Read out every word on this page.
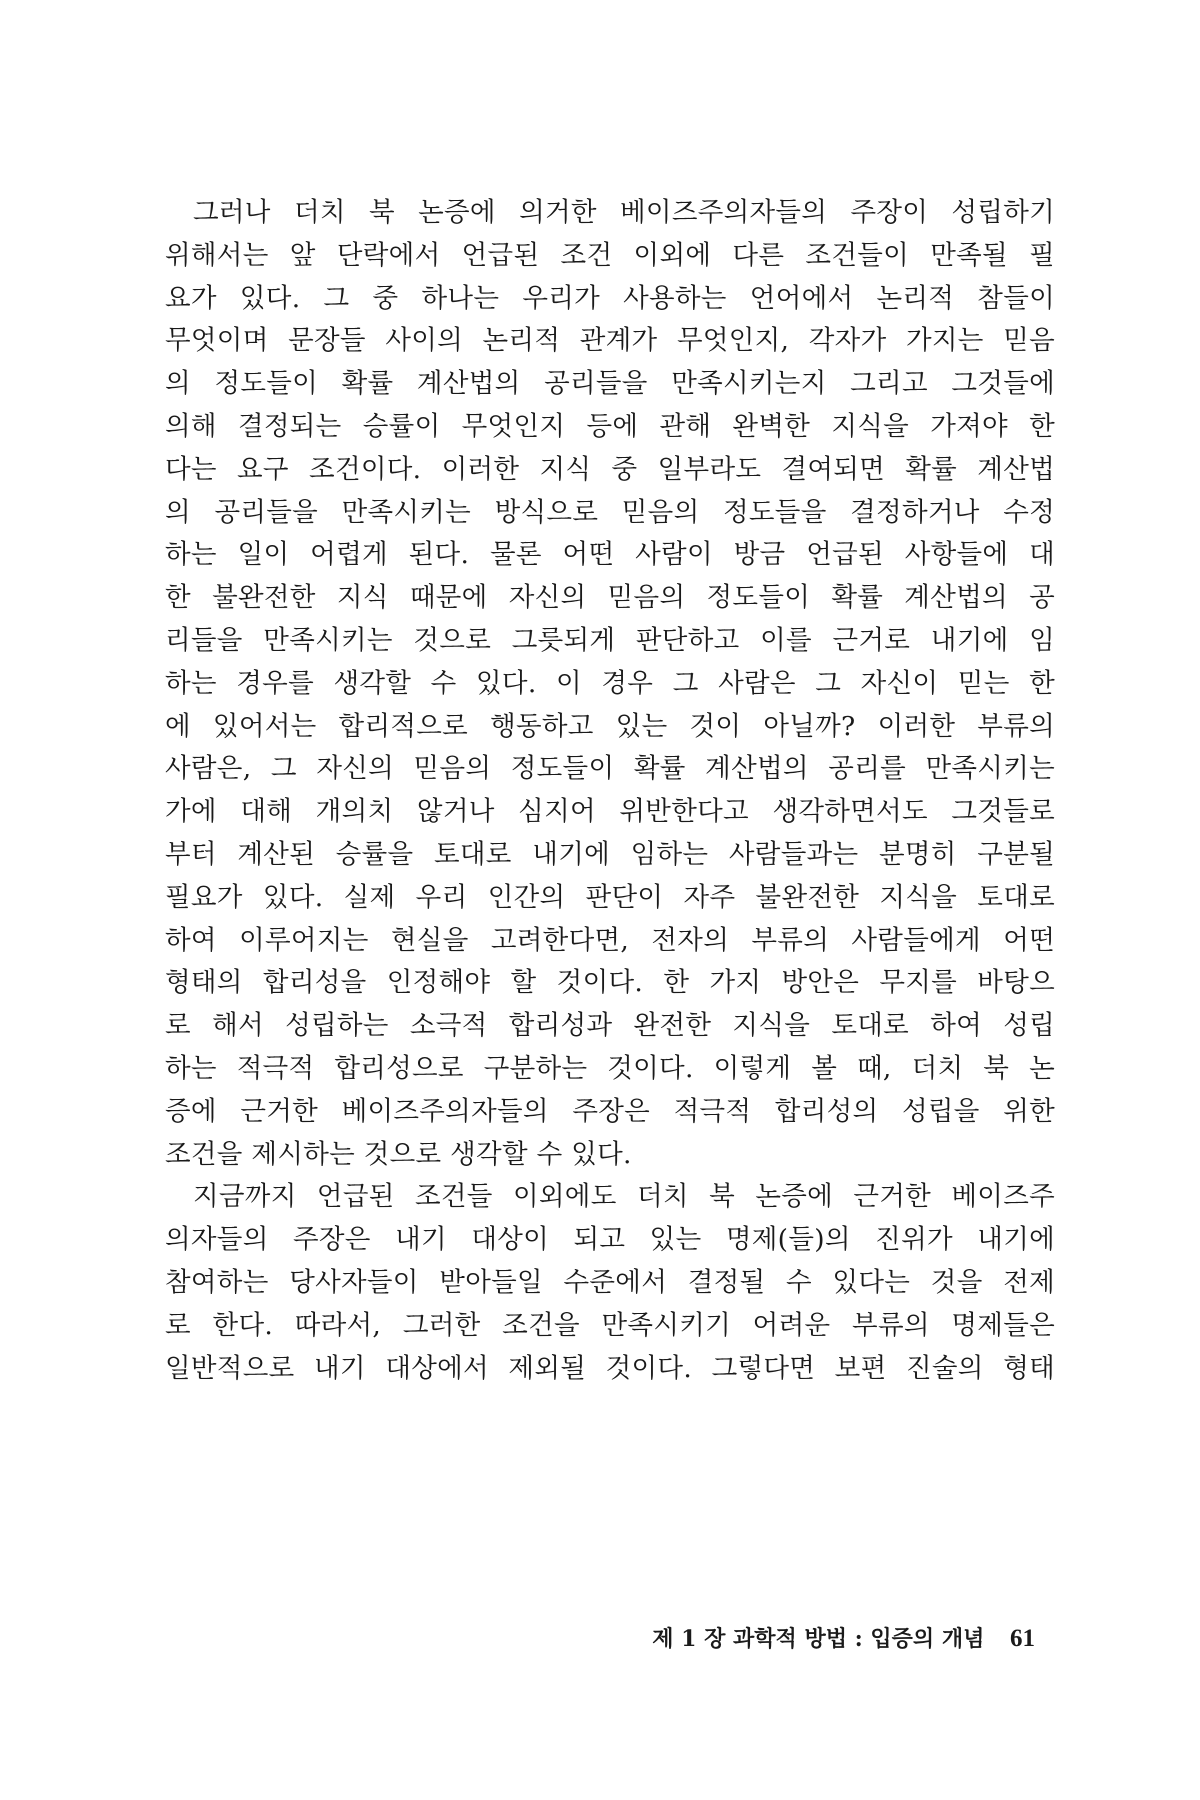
그러나 더치 북 논증에 의거한 베이즈주의자들의 주장이 성립하기
위해서는 앞 단락에서 언급된 조건 이외에 다른 조건들이 만족될 필
요가 있다. 그 중 하나는 우리가 사용하는 언어에서 논리적 참들이
무엇이며 문장들 사이의 논리적 관계가 무엇인지, 각자가 가지는 믿음
의 정도들이 확률 계산법의 공리들을 만족시키는지 그리고 그것들에
의해 결정되는 승률이 무엇인지 등에 관해 완벽한 지식을 가져야 한
다는 요구 조건이다. 이러한 지식 중 일부라도 결여되면 확률 계산법
의 공리들을 만족시키는 방식으로 믿음의 정도들을 결정하거나 수정
하는 일이 어렵게 된다. 물론 어떤 사람이 방금 언급된 사항들에 대
한 불완전한 지식 때문에 자신의 믿음의 정도들이 확률 계산법의 공
리들을 만족시키는 것으로 그릇되게 판단하고 이를 근거로 내기에 임
하는 경우를 생각할 수 있다. 이 경우 그 사람은 그 자신이 믿는 한
에 있어서는 합리적으로 행동하고 있는 것이 아닐까? 이러한 부류의
사람은, 그 자신의 믿음의 정도들이 확률 계산법의 공리를 만족시키는
가에 대해 개의치 않거나 심지어 위반한다고 생각하면서도 그것들로
부터 계산된 승률을 토대로 내기에 임하는 사람들과는 분명히 구분될
필요가 있다. 실제 우리 인간의 판단이 자주 불완전한 지식을 토대로
하여 이루어지는 현실을 고려한다면, 전자의 부류의 사람들에게 어떤
형태의 합리성을 인정해야 할 것이다. 한 가지 방안은 무지를 바탕으
로 해서 성립하는 소극적 합리성과 완전한 지식을 토대로 하여 성립
하는 적극적 합리성으로 구분하는 것이다. 이렇게 볼 때, 더치 북 논
증에 근거한 베이즈주의자들의 주장은 적극적 합리성의 성립을 위한
조건을 제시하는 것으로 생각할 수 있다.
지금까지 언급된 조건들 이외에도 더치 북 논증에 근거한 베이즈주
의자들의 주장은 내기 대상이 되고 있는 명제(들)의 진위가 내기에
참여하는 당사자들이 받아들일 수준에서 결정될 수 있다는 것을 전제
로 한다. 따라서, 그러한 조건을 만족시키기 어려운 부류의 명제들은
일반적으로 내기 대상에서 제외될 것이다. 그렇다면 보편 진술의 형태
제 1 장 과학적 방법 : 입증의 개념 61
